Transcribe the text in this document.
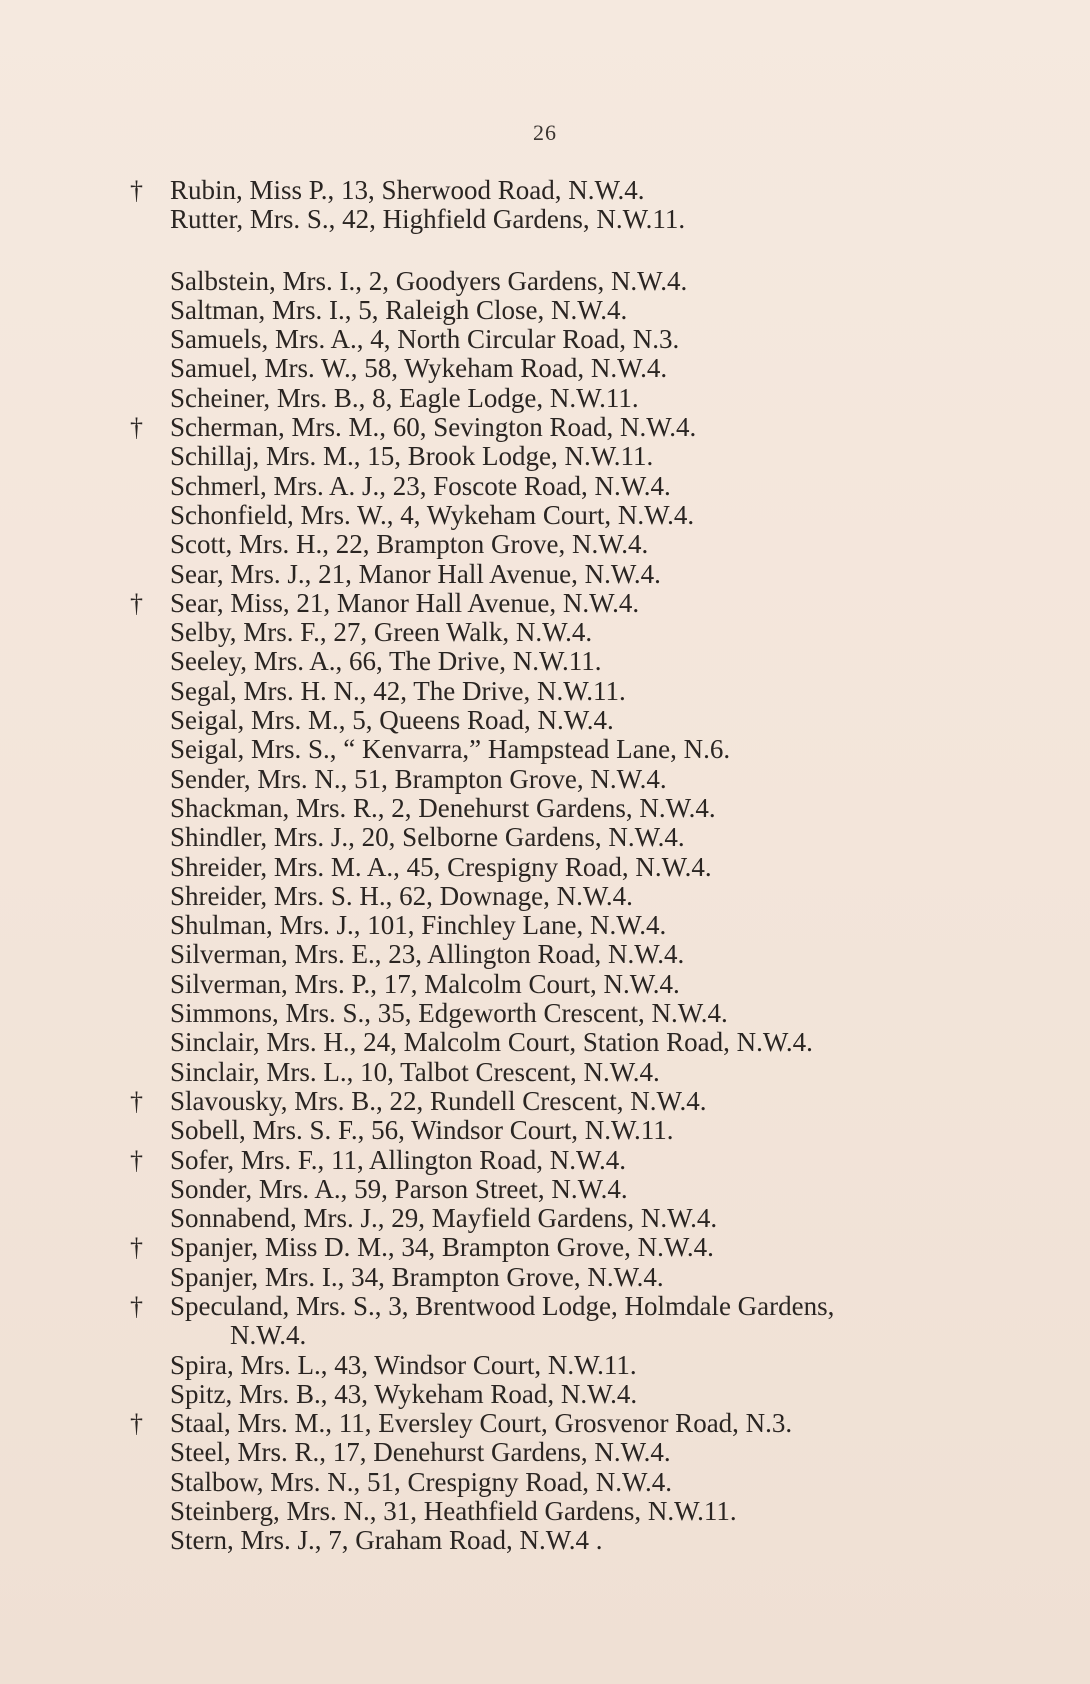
26
†	Rubin, Miss P., 13, Sherwood Road, N.W.4.
Rutter, Mrs. S., 42, Highfield Gardens, N.W.11.
Salbstein, Mrs. I., 2, Goodyers Gardens, N.W.4.
Saltman, Mrs. I., 5, Raleigh Close, N.W.4.
Samuels, Mrs. A., 4, North Circular Road, N.3.
Samuel, Mrs. W., 58, Wykeham Road, N.W.4.
Scheiner, Mrs. B., 8, Eagle Lodge, N.W.11.
†	Scherman, Mrs. M., 60, Sevington Road, N.W.4.
Schillaj, Mrs. M., 15, Brook Lodge, N.W.11.
Schmerl, Mrs. A. J., 23, Foscote Road, N.W.4.
Schonfield, Mrs. W., 4, Wykeham Court, N.W.4.
Scott, Mrs. H., 22, Brampton Grove, N.W.4.
Sear, Mrs. J., 21, Manor Hall Avenue, N.W.4.
†	Sear, Miss, 21, Manor Hall Avenue, N.W.4.
Selby, Mrs. F., 27, Green Walk, N.W.4.
Seeley, Mrs. A., 66, The Drive, N.W.11.
Segal, Mrs. H. N., 42, The Drive, N.W.11.
Seigal, Mrs. M., 5, Queens Road, N.W.4.
Seigal, Mrs. S., “ Kenvarra,” Hampstead Lane, N.6.
Sender, Mrs. N., 51, Brampton Grove, N.W.4.
Shackman, Mrs. R., 2, Denehurst Gardens, N.W.4.
Shindler, Mrs. J., 20, Selborne Gardens, N.W.4.
Shreider, Mrs. M. A., 45, Crespigny Road, N.W.4.
Shreider, Mrs. S. H., 62, Downage, N.W.4.
Shulman, Mrs. J., 101, Finchley Lane, N.W.4.
Silverman, Mrs. E., 23, Allington Road, N.W.4.
Silverman, Mrs. P., 17, Malcolm Court, N.W.4.
Simmons, Mrs. S., 35, Edgeworth Crescent, N.W.4.
Sinclair, Mrs. H., 24, Malcolm Court, Station Road, N.W.4.
Sinclair, Mrs. L., 10, Talbot Crescent, N.W.4.
†	Slavousky, Mrs. B., 22, Rundell Crescent, N.W.4.
Sobell, Mrs. S. F., 56, Windsor Court, N.W.11.
†	Sofer, Mrs. F., 11, Allington Road, N.W.4.
Sonder, Mrs. A., 59, Parson Street, N.W.4.
Sonnabend, Mrs. J., 29, Mayfield Gardens, N.W.4.
†	Spanjer, Miss D. M., 34, Brampton Grove, N.W.4.
Spanjer, Mrs. I., 34, Brampton Grove, N.W.4.
†	Speculand, Mrs. S., 3, Brentwood Lodge, Holmdale Gardens,
N.W.4.
Spira, Mrs. L., 43, Windsor Court, N.W.11.
Spitz, Mrs. B., 43, Wykeham Road, N.W.4.
†	Staal, Mrs. M., 11, Eversley Court, Grosvenor Road, N.3.
Steel, Mrs. R., 17, Denehurst Gardens, N.W.4.
Stalbow, Mrs. N., 51, Crespigny Road, N.W.4.
Steinberg, Mrs. N., 31, Heathfield Gardens, N.W.11.
Stern, Mrs. J., 7, Graham Road, N.W.4 .
